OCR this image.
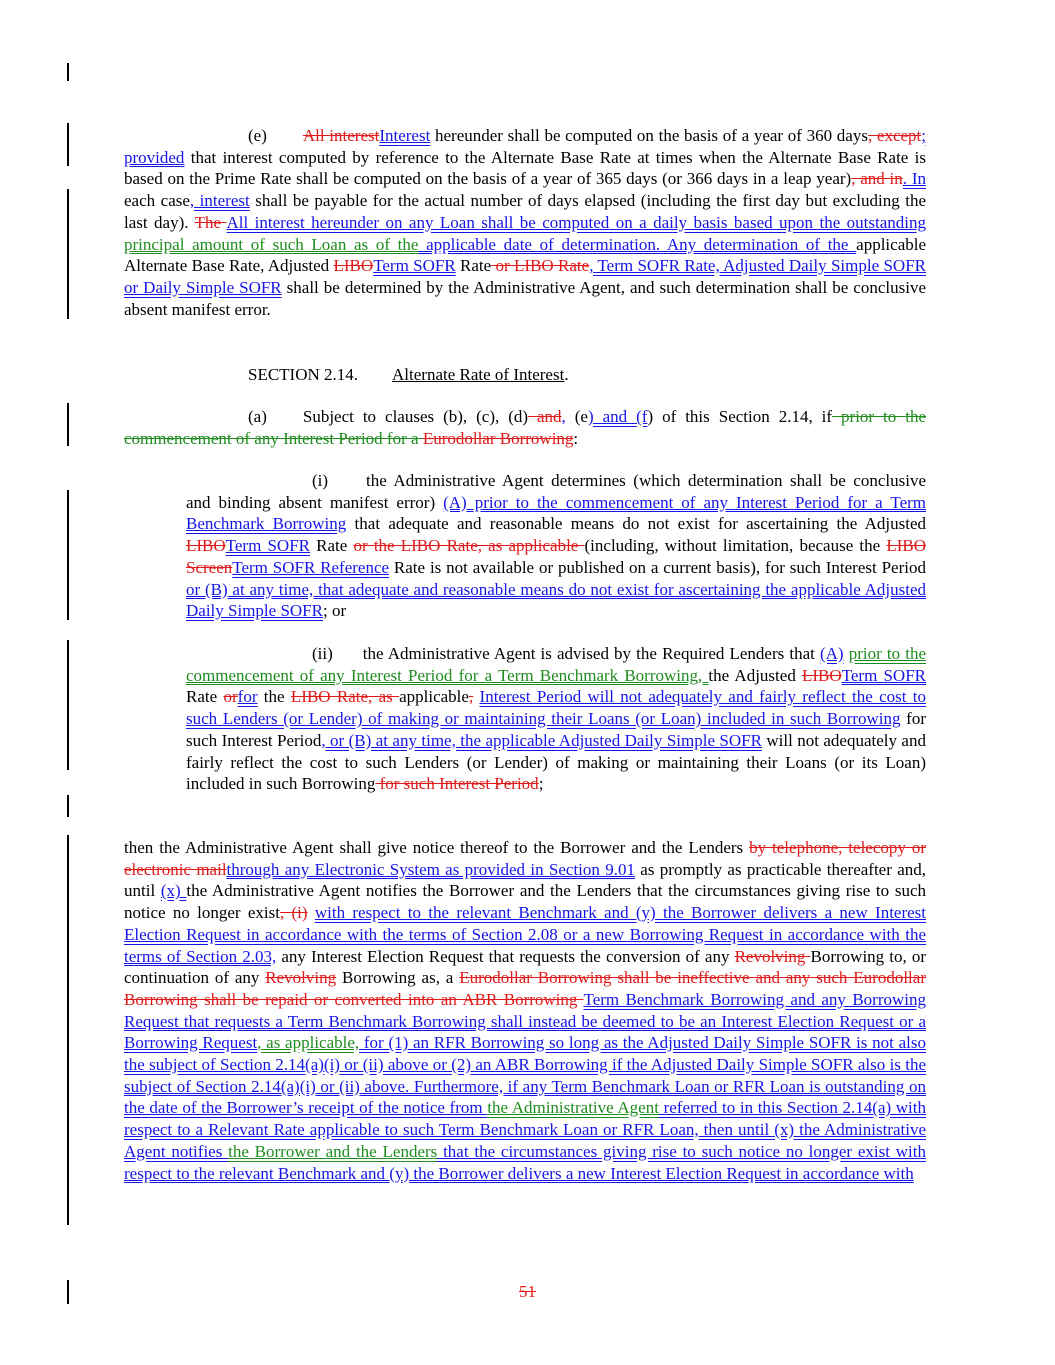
(e) All interestInterest hereunder shall be computed on the basis of a year of 360 days, except; provided that interest computed by reference to the Alternate Base Rate at times when the Alternate Base Rate is based on the Prime Rate shall be computed on the basis of a year of 365 days (or 366 days in a leap year), and in. In each case, interest shall be payable for the actual number of days elapsed (including the first day but excluding the last day). The All interest hereunder on any Loan shall be computed on a daily basis based upon the outstanding principal amount of such Loan as of the applicable date of determination. Any determination of the applicable Alternate Base Rate, Adjusted LIBOTerm SOFR Rate or LIBO Rate, Term SOFR Rate, Adjusted Daily Simple SOFR or Daily Simple SOFR shall be determined by the Administrative Agent, and such determination shall be conclusive absent manifest error.
SECTION 2.14. Alternate Rate of Interest.
(a) Subject to clauses (b), (c), (d) and, (e) and (f) of this Section 2.14, if prior to the commencement of any Interest Period for a Eurodollar Borrowing:
(i) the Administrative Agent determines (which determination shall be conclusive and binding absent manifest error) (A) prior to the commencement of any Interest Period for a Term Benchmark Borrowing that adequate and reasonable means do not exist for ascertaining the Adjusted LIBOTerm SOFR Rate or the LIBO Rate, as applicable (including, without limitation, because the LIBO ScreenTerm SOFR Reference Rate is not available or published on a current basis), for such Interest Period or (B) at any time, that adequate and reasonable means do not exist for ascertaining the applicable Adjusted Daily Simple SOFR; or
(ii) the Administrative Agent is advised by the Required Lenders that (A) prior to the commencement of any Interest Period for a Term Benchmark Borrowing, the Adjusted LIBOTerm SOFR Rate orfor the LIBO Rate, as applicable, Interest Period will not adequately and fairly reflect the cost to such Lenders (or Lender) of making or maintaining their Loans (or Loan) included in such Borrowing for such Interest Period, or (B) at any time, the applicable Adjusted Daily Simple SOFR will not adequately and fairly reflect the cost to such Lenders (or Lender) of making or maintaining their Loans (or its Loan) included in such Borrowing for such Interest Period;
then the Administrative Agent shall give notice thereof to the Borrower and the Lenders by telephone, telecopy or electronic mailthrough any Electronic System as provided in Section 9.01 as promptly as practicable thereafter and, until (x) the Administrative Agent notifies the Borrower and the Lenders that the circumstances giving rise to such notice no longer exist, (i) with respect to the relevant Benchmark and (y) the Borrower delivers a new Interest Election Request in accordance with the terms of Section 2.08 or a new Borrowing Request in accordance with the terms of Section 2.03, any Interest Election Request that requests the conversion of any Revolving Borrowing to, or continuation of any Revolving Borrowing as, a Eurodollar Borrowing shall be ineffective and any such Eurodollar Borrowing shall be repaid or converted into an ABR Borrowing Term Benchmark Borrowing and any Borrowing Request that requests a Term Benchmark Borrowing shall instead be deemed to be an Interest Election Request or a Borrowing Request, as applicable, for (1) an RFR Borrowing so long as the Adjusted Daily Simple SOFR is not also the subject of Section 2.14(a)(i) or (ii) above or (2) an ABR Borrowing if the Adjusted Daily Simple SOFR also is the subject of Section 2.14(a)(i) or (ii) above. Furthermore, if any Term Benchmark Loan or RFR Loan is outstanding on the date of the Borrower’s receipt of the notice from the Administrative Agent referred to in this Section 2.14(a) with respect to a Relevant Rate applicable to such Term Benchmark Loan or RFR Loan, then until (x) the Administrative Agent notifies the Borrower and the Lenders that the circumstances giving rise to such notice no longer exist with respect to the relevant Benchmark and (y) the Borrower delivers a new Interest Election Request in accordance with
51
